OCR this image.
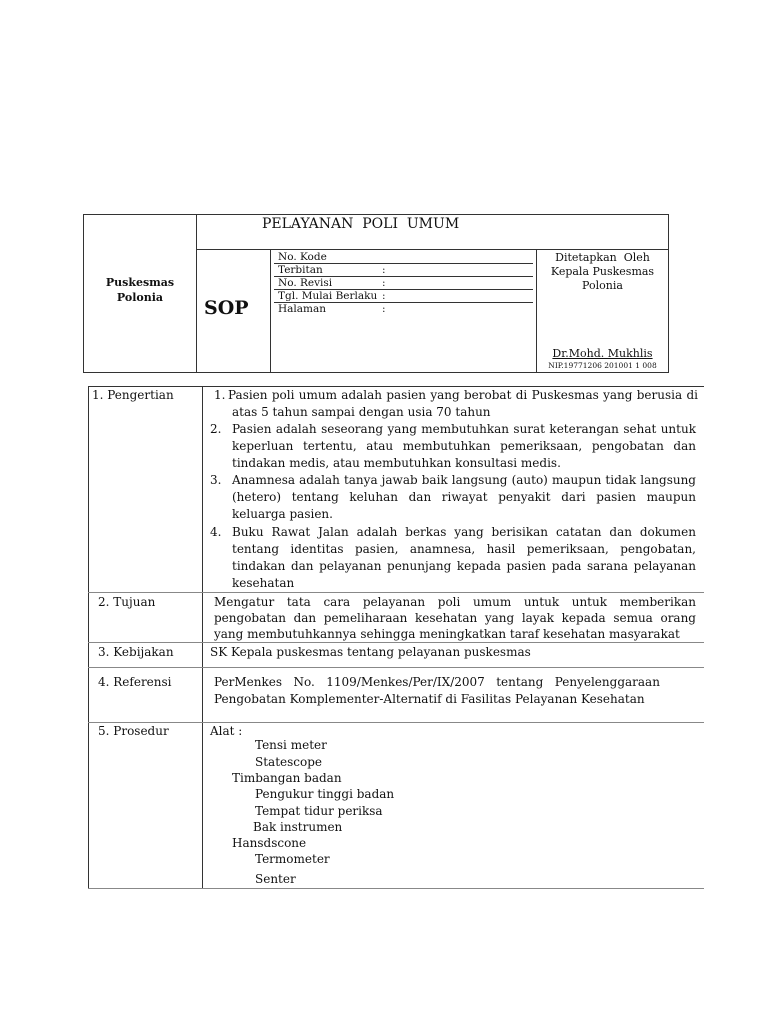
Puskesmas
Polonia
PELAYANAN  POLI  UMUM
SOP
No. Kode
Terbitan	:
No. Revisi	:
Tgl. Mulai Berlaku :
Halaman	:
Ditetapkan  Oleh
Kepala Puskesmas
Polonia
Dr.Mohd. Mukhlis
NIP.19771206 201001 1 008
1. Pengertian	1. Pasien poli umum adalah pasien yang berobat di Puskesmas yang berusia di atas 5 tahun sampai dengan usia 70 tahun
2. Pasien adalah seseorang yang membutuhkan surat keterangan sehat untuk keperluan tertentu, atau membutuhkan pemeriksaan, pengobatan dan tindakan medis, atau membutuhkan konsultasi medis.
3. Anamnesa adalah tanya jawab baik langsung (auto) maupun tidak langsung (hetero) tentang keluhan dan riwayat penyakit dari pasien maupun keluarga pasien.
4. Buku Rawat Jalan adalah berkas yang berisikan catatan dan dokumen tentang identitas pasien, anamnesa, hasil pemeriksaan, pengobatan, tindakan dan pelayanan penunjang kepada pasien pada sarana pelayanan kesehatan
2. Tujuan	Mengatur tata cara pelayanan poli umum untuk untuk memberikan pengobatan dan pemeliharaan kesehatan yang layak kepada semua orang yang membutuhkannya sehingga meningkatkan taraf kesehatan masyarakat
3. Kebijakan	SK Kepala puskesmas tentang pelayanan puskesmas
4. Referensi	PerMenkes   No.   1109/Menkes/Per/IX/2007   tentang   Penyelenggaraan
Pengobatan Komplementer-Alternatif di Fasilitas Pelayanan Kesehatan
5. Prosedur	Alat :
Tensi meter
Statescope
Timbangan badan
Pengukur tinggi badan
Tempat tidur periksa
Bak instrumen
Hansdscone
Termometer
Senter
